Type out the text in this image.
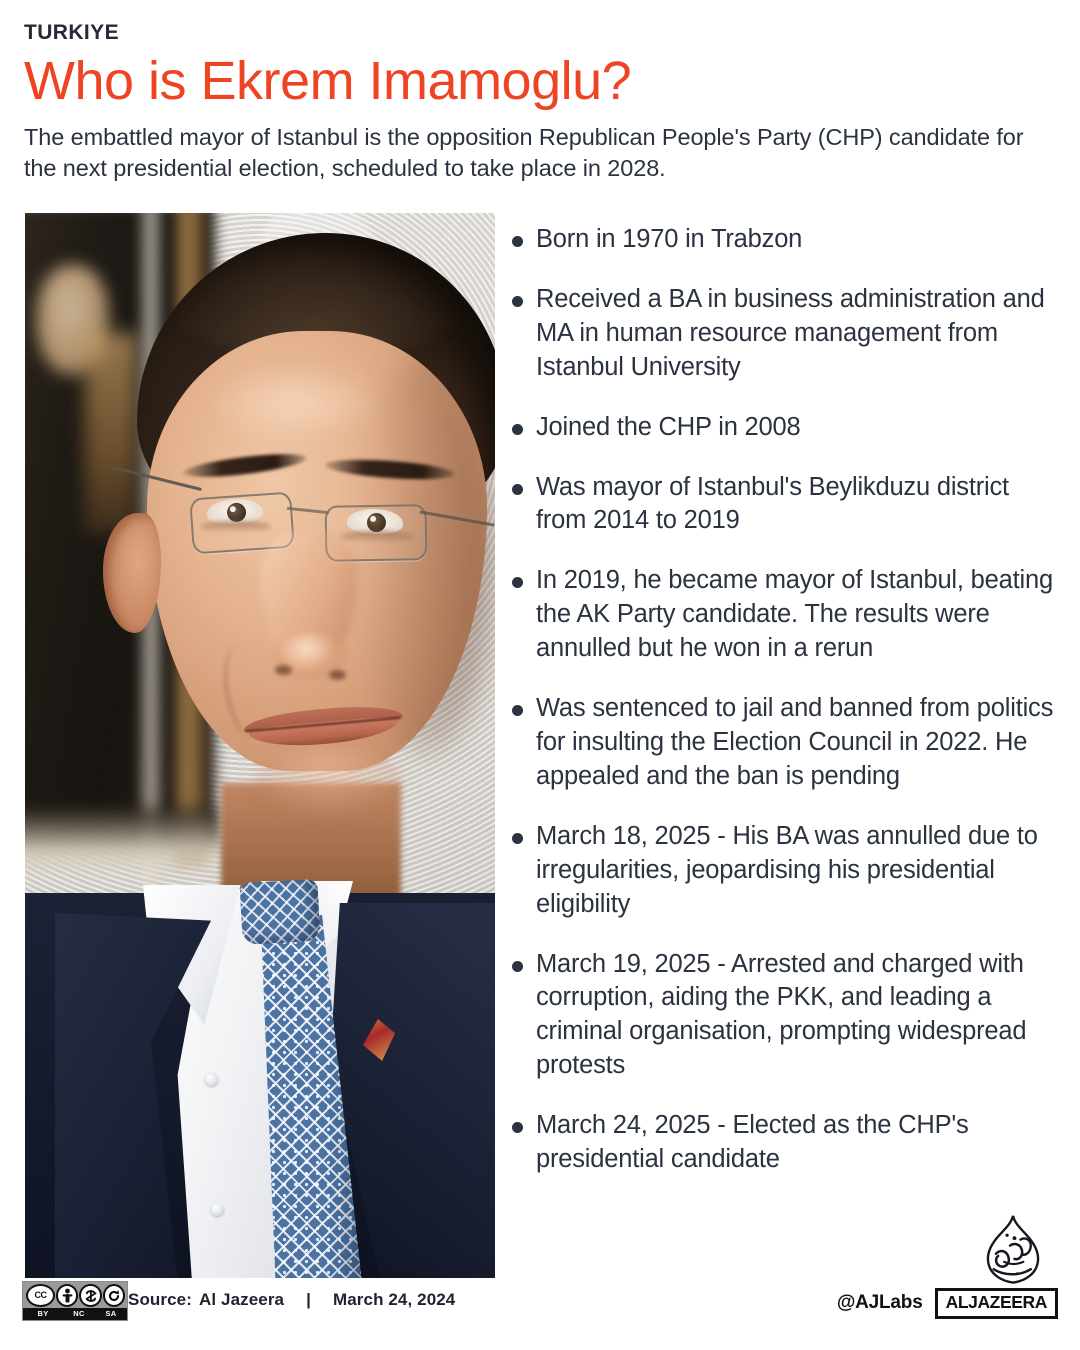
TURKIYE
Who is Ekrem Imamoglu?

The embattled mayor of Istanbul is the opposition Republican People's Party (CHP) candidate for the next presidential election, scheduled to take place in 2028.

Born in 1970 in Trabzon
Received a BA in business administration and MA in human resource management from Istanbul University
Joined the CHP in 2008
Was mayor of Istanbul's Beylikduzu district from 2014 to 2019
In 2019, he became mayor of Istanbul, beating the AK Party candidate. The results were annulled but he won in a rerun
Was sentenced to jail and banned from politics for insulting the Election Council in 2022. He appealed and the ban is pending
March 18, 2025 - His BA was annulled due to irregularities, jeopardising his presidential eligibility
March 19, 2025 - Arrested and charged with corruption, aiding the PKK, and leading a criminal organisation, prompting widespread protests
March 24, 2025 - Elected as the CHP's presidential candidate
CC
BY	NC	SA
Source: Al Jazeera | March 24, 2024	@AJLabs	ALJAZEERA
